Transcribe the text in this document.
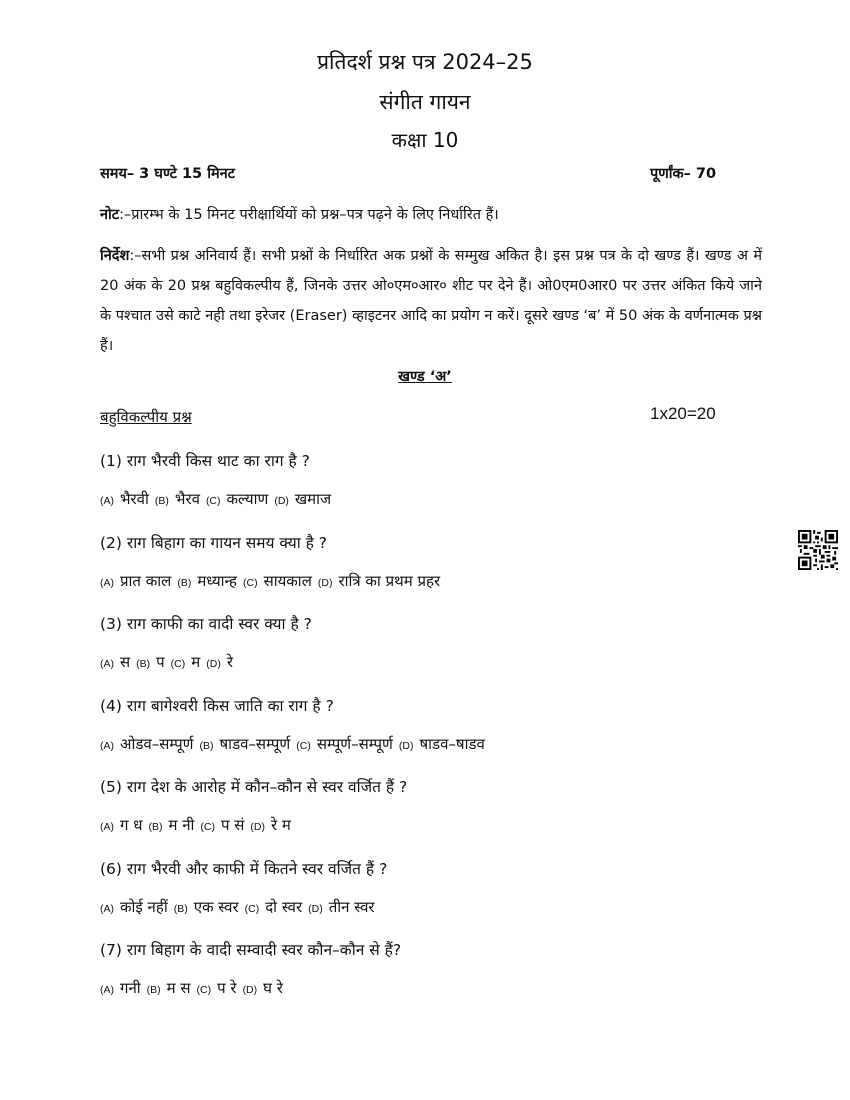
प्रतिदर्श प्रश्न पत्र 2024–25
संगीत गायन
कक्षा 10
समय– 3 घण्टे 15 मिनट	पूर्णांक– 70
नोट:–प्रारम्भ के 15 मिनट परीक्षार्थियों को प्रश्न–पत्र पढ़ने के लिए निर्धारित हैं।
निर्देश:–सभी प्रश्न अनिवार्य हैं। सभी प्रश्नों के निर्धारित अक प्रश्नों के सम्मुख अकित है। इस प्रश्न पत्र के दो खण्ड हैं। खण्ड अ में 20 अंक के 20 प्रश्न बहुविकल्पीय हैं, जिनके उत्तर ओ०एम०आर० शीट पर देने हैं। ओ0एम0आर0 पर उत्तर अंकित किये जाने के पश्चात उसे काटे नही तथा इरेजर (Eraser) व्हाइटनर आदि का प्रयोग न करें। दूसरे खण्ड ‘ब’ में 50 अंक के वर्णनात्मक प्रश्न हैं।
खण्ड ‘अ’
बहुविकल्पीय प्रश्न	1x20=20
(1) राग भैरवी किस थाट का राग है ?
(A) भैरवी (B) भैरव (C) कल्याण (D) खमाज
(2) राग बिहाग का गायन समय क्या है ?
(A) प्रात काल (B) मध्यान्ह (C) सायकाल (D) रात्रि का प्रथम प्रहर
(3) राग काफी का वादी स्वर क्या है ?
(A) स (B) प (C) म (D) रे
(4) राग बागेश्वरी किस जाति का राग है ?
(A) ओडव–सम्पूर्ण (B) षाडव–सम्पूर्ण (C) सम्पूर्ण–सम्पूर्ण (D) षाडव–षाडव
(5) राग देश के आरोह में कौन–कौन से स्वर वर्जित हैं ?
(A) ग ध (B) म नी (C) प सं (D) रे म
(6) राग भैरवी और काफी में कितने स्वर वर्जित हैं ?
(A) कोई नहीं (B) एक स्वर (C) दो स्वर (D) तीन स्वर
(7) राग बिहाग के वादी सम्वादी स्वर कौन–कौन से हैं?
(A) गनी (B) म स (C) प रे (D) घ रे
